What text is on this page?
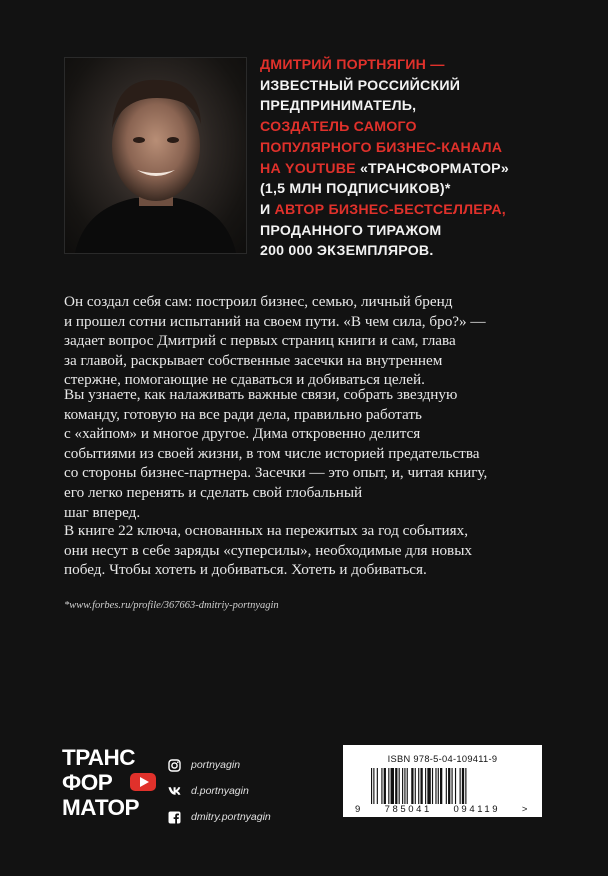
ДМИТРИЙ ПОРТНЯГИН —
ИЗВЕСТНЫЙ РОССИЙСКИЙ
ПРЕДПРИНИМАТЕЛЬ,
СОЗДАТЕЛЬ САМОГО
ПОПУЛЯРНОГО БИЗНЕС-КАНАЛА
НА YOUTUBE «ТРАНСФОРМАТОР»
(1,5 МЛН ПОДПИСЧИКОВ)*
И АВТОР БИЗНЕС-БЕСТСЕЛЛЕРА,
ПРОДАННОГО ТИРАЖОМ
200 000 ЭКЗЕМПЛЯРОВ.
Он создал себя сам: построил бизнес, семью, личный бренд
и прошел сотни испытаний на своем пути. «В чем сила, бро?» —
задает вопрос Дмитрий с первых страниц книги и сам, глава
за главой, раскрывает собственные засечки на внутреннем
стержне, помогающие не сдаваться и добиваться целей.
Вы узнаете, как налаживать важные связи, собрать звездную
команду, готовую на все ради дела, правильно работать
с «хайпом» и многое другое. Дима откровенно делится
событиями из своей жизни, в том числе историей предательства
со стороны бизнес-партнера. Засечки — это опыт, и, читая книгу,
его легко перенять и сделать свой глобальный
шаг вперед.
В книге 22 ключа, основанных на пережитых за год событиях,
они несут в себе заряды «суперсилы», необходимые для новых
побед. Чтобы хотеть и добиваться. Хотеть и добиваться.
*www.forbes.ru/profile/367663-dmitriy-portnyagin
ТРАНС
ФОР
МАТОР
portnyagin
d.portnyagin
dmitry.portnyagin
ISBN 978-5-04-109411-9
9 785041 094119 >
